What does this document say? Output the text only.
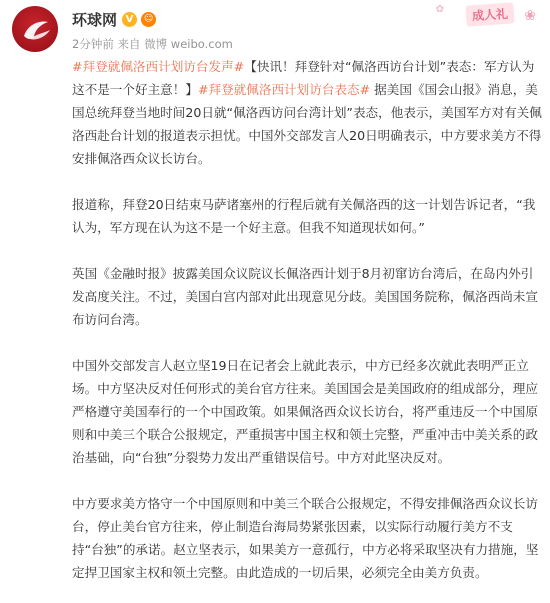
环球网 V	☺
2分钟前
来自
微博 weibo.com
✿	成人礼	❀

#拜登就佩洛西计划访台发声#【快讯！拜登针对“佩洛西访台计划”表态：军方认为这不是一个好主意！】#拜登就佩洛西计划访台表态# 据美国《国会山报》消息，美国总统拜登当地时间20日就“佩洛西访问台湾计划”表态，他表示，美国军方对有关佩洛西赴台计划的报道表示担忧。中国外交部发言人20日明确表示，中方要求美方不得安排佩洛西众议长访台。

报道称，拜登20日结束马萨诸塞州的行程后就有关佩洛西的这一计划告诉记者，“我认为，军方现在认为这不是一个好主意。但我不知道现状如何。”

英国《金融时报》披露美国众议院议长佩洛西计划于8月初窜访台湾后，在岛内外引发高度关注。不过，美国白宫内部对此出现意见分歧。美国国务院称，佩洛西尚未宣布访问台湾。

中国外交部发言人赵立坚19日在记者会上就此表示，中方已经多次就此表明严正立场。中方坚决反对任何形式的美台官方往来。美国国会是美国政府的组成部分，理应严格遵守美国奉行的一个中国政策。如果佩洛西众议长访台，将严重违反一个中国原则和中美三个联合公报规定，严重损害中国主权和领土完整，严重冲击中美关系的政治基础，向“台独”分裂势力发出严重错误信号。中方对此坚决反对。

中方要求美方恪守一个中国原则和中美三个联合公报规定，不得安排佩洛西众议长访台，停止美台官方往来，停止制造台海局势紧张因素，以实际行动履行美方不支持“台独”的承诺。赵立坚表示，如果美方一意孤行，中方必将采取坚决有力措施，坚定捍卫国家主权和领土完整。由此造成的一切后果，必须完全由美方负责。
